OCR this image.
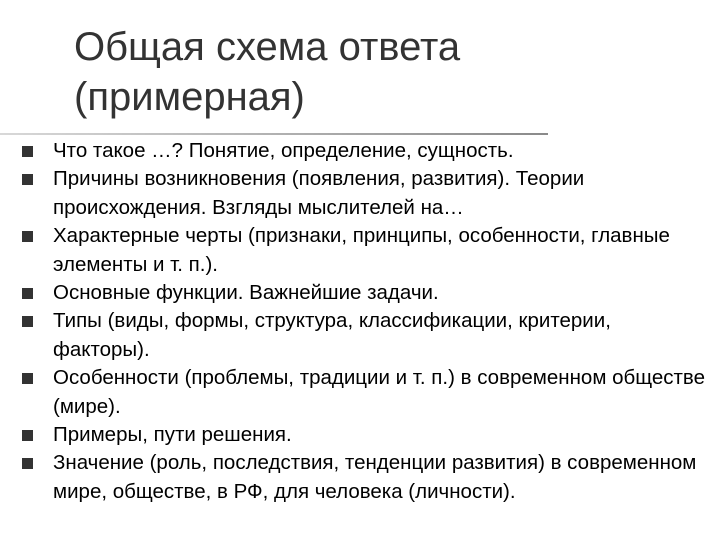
Общая схема ответа
(примерная)
Что такое …? Понятие, определение, сущность.
Причины возникновения (появления, развития). Теории происхождения. Взгляды мыслителей на…
Характерные черты (признаки, принципы, особенности, главные элементы и т. п.).
Основные функции. Важнейшие задачи.
Типы (виды, формы, структура, классификации, критерии, факторы).
Особенности (проблемы, традиции и т. п.) в современном обществе (мире).
Примеры, пути решения.
Значение (роль, последствия, тенденции развития) в современном мире, обществе, в РФ, для человека (личности).
